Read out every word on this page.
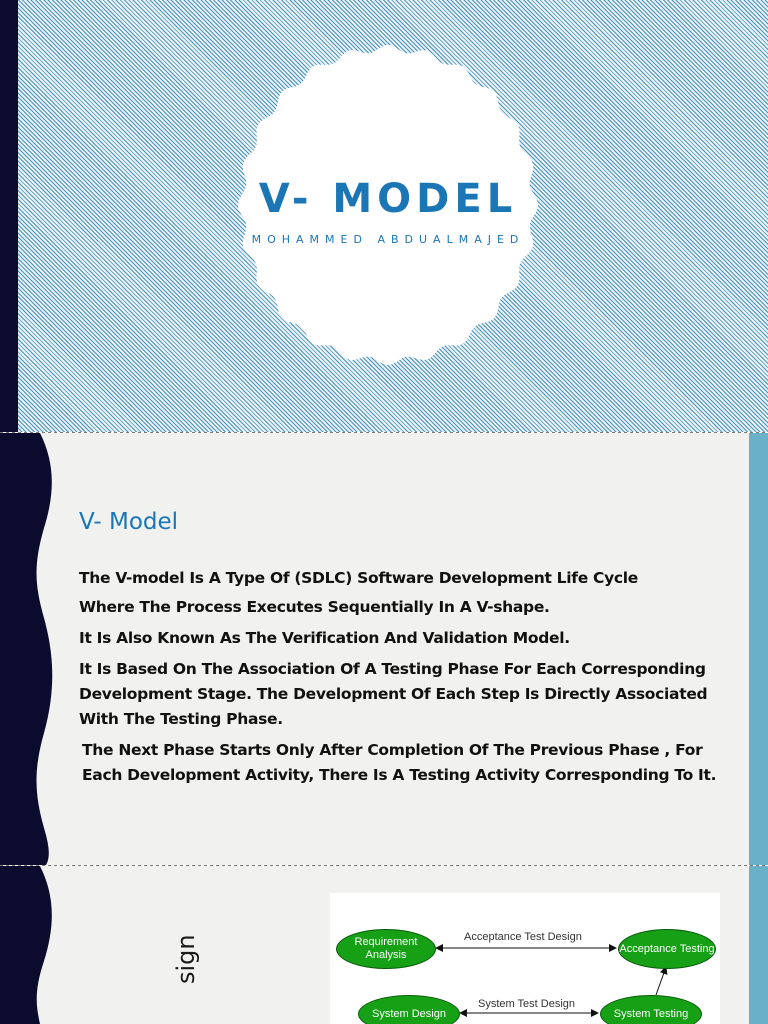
V- MODEL
MOHAMMED ABDUALMAJED
V- Model

The V-model Is A Type Of (SDLC) Software Development Life Cycle

Where The Process Executes Sequentially In A V-shape.

It Is Also Known As The Verification And Validation Model.

It Is Based On The Association Of A Testing Phase For Each Corresponding Development Stage. The Development Of Each Step Is Directly Associated With The Testing Phase.

The Next Phase Starts Only After Completion Of The Previous Phase , For Each Development Activity, There Is A Testing Activity Corresponding To It.

sign	Requirement Analysis
Acceptance Testing
System Design	System Testing
Acceptance Test Design
System Test Design
